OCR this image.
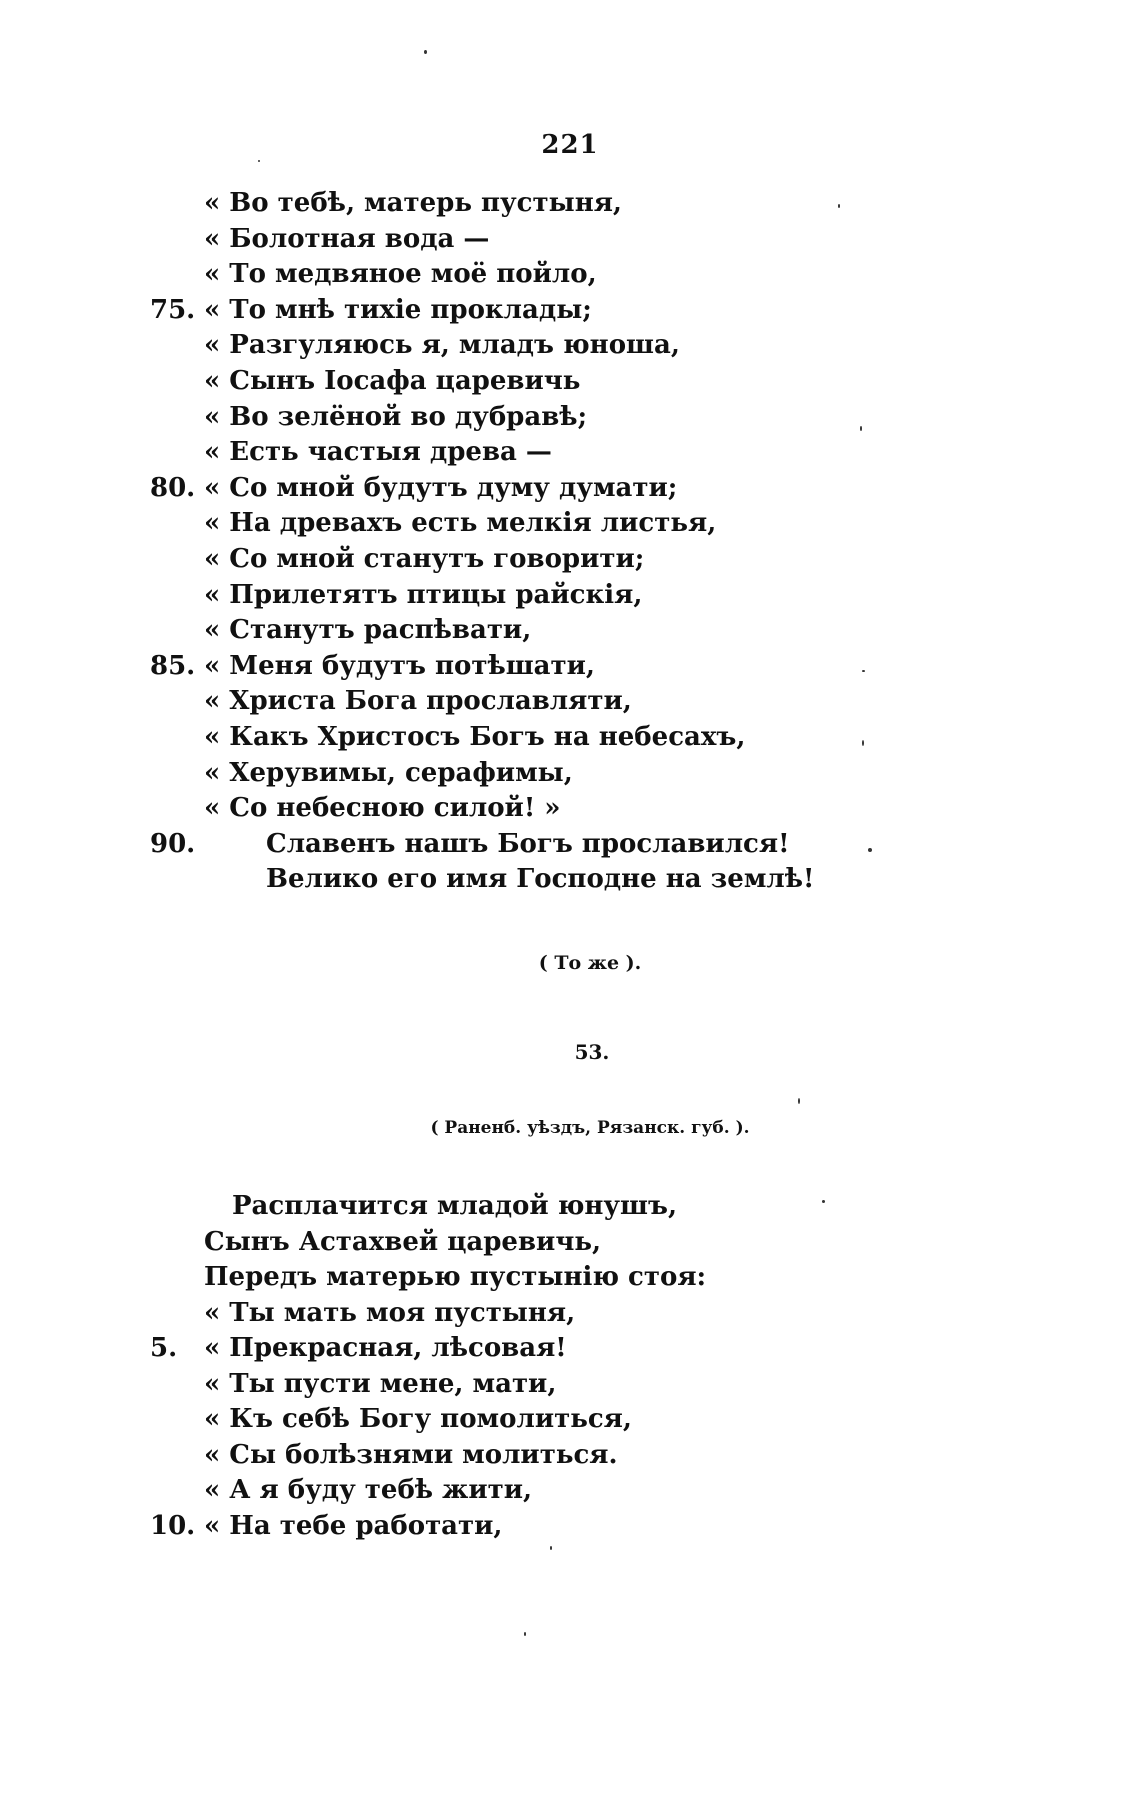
221
« Во тебѣ, матерь пустыня,
« Болотная вода —
« То медвяное моё пойло,
75. « То мнѣ тихiе проклады;
« Разгуляюсь я, младъ юноша,
« Сынъ Iосафа царевичь
« Во зелёной во дубравѣ;
« Есть частыя древа —
80. « Со мной будутъ думу думати;
« На древахъ есть мелкiя листья,
« Со мной станутъ говорити;
« Прилетятъ птицы райскiя,
« Станутъ распѣвати,
85. « Меня будутъ потѣшати,
« Христа Бога прославляти,
« Какъ Христосъ Богъ на небесахъ,
« Херувимы, серафимы,
« Со небесною силой! »
90.	Славенъ нашъ Богъ прославился!
Велико его имя Господне на землѣ!
( То же ).
53.
( Раненб. уѣздъ, Рязанск. губ. ).
Расплачится младой юнушъ,
Сынъ Астахвей царевичь,
Передъ матерью пустынiю стоя:
« Ты мать моя пустыня,
5.	« Прекрасная, лѣсовая!
« Ты пусти мене, мати,
« Къ себѣ Богу помолиться,
« Сы болѣзнями молиться.
« А я буду тебѣ жити,
10. « На тебе работати,
